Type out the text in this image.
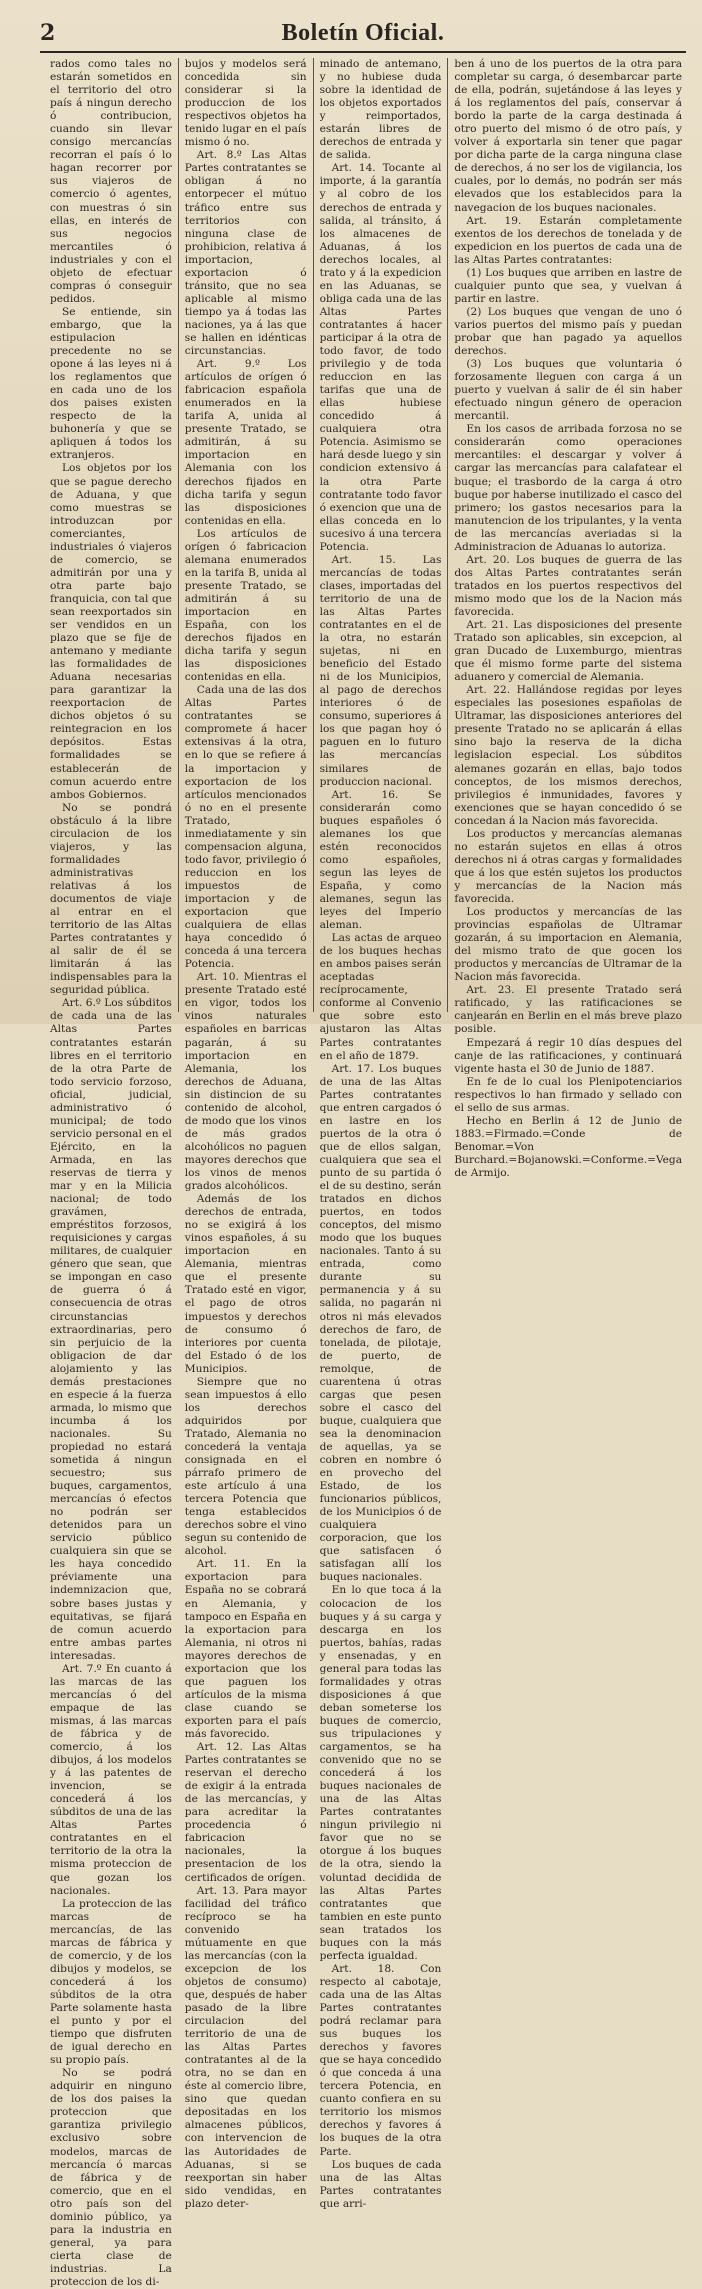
2	Boletín Oficial.

rados como tales no estarán sometidos en el territorio del otro país á ningun derecho ó contribucion, cuando sin llevar consigo mercancías recorran el país ó lo hagan recorrer por sus viajeros de comercio ó agentes, con muestras ó sin ellas, en interés de sus negocios mercantiles ó industriales y con el objeto de efectuar compras ó conseguir pedidos.

Se entiende, sin embargo, que la estipulacion precedente no se opone á las leyes ni á los reglamentos que en cada uno de los dos paises existen respecto de la buhonería y que se apliquen á todos los extranjeros.

Los objetos por los que se pague derecho de Aduana, y que como muestras se introduzcan por comerciantes, industriales ó viajeros de comercio, se admitirán por una y otra parte bajo franquicia, con tal que sean reexportados sin ser vendidos en un plazo que se fije de antemano y mediante las formalidades de Aduana necesarias para garantizar la reexportacion de dichos objetos ó su reintegracion en los depósitos. Estas formalidades se establecerán de comun acuerdo entre ambos Gobiernos.

No se pondrá obstáculo á la libre circulacion de los viajeros, y las formalidades administrativas relativas á los documentos de viaje al entrar en el territorio de las Altas Partes contratantes y al salir de él se limitarán á las indispensables para la seguridad pública.

Art. 6.º Los súbditos de cada una de las Altas Partes contratantes estarán libres en el territorio de la otra Parte de todo servicio forzoso, oficial, judicial, administrativo ó municipal; de todo servicio personal en el Ejército, en la Armada, en las reservas de tierra y mar y en la Milicia nacional; de todo gravámen, empréstitos forzosos, requisiciones y cargas militares, de cualquier género que sean, que se impongan en caso de guerra ó á consecuencia de otras circunstancias extraordinarias, pero sin perjuicio de la obligacion de dar alojamiento y las demás prestaciones en especie á la fuerza armada, lo mismo que incumba á los nacionales. Su propiedad no estará sometida á ningun secuestro; sus buques, cargamentos, mercancías ó efectos no podrán ser detenidos para un servicio público cualquiera sin que se les haya concedido préviamente una indemnizacion que, sobre bases justas y equitativas, se fijará de comun acuerdo entre ambas partes interesadas.

Art. 7.º En cuanto á las marcas de las mercancías ó del empaque de las mismas, á las marcas de fábrica y de comercio, á los dibujos, á los modelos y á las patentes de invencion, se concederá á los súbditos de una de las Altas Partes contratantes en el territorio de la otra la misma proteccion de que gozan los nacionales.

La proteccion de las marcas de mercancías, de las marcas de fábrica y de comercio, y de los dibujos y modelos, se concederá á los súbditos de la otra Parte solamente hasta el punto y por el tiempo que disfruten de igual derecho en su propio país.

No se podrá adquirir en ninguno de los dos paises la proteccion que garantiza privilegio exclusivo sobre modelos, marcas de mercancía ó marcas de fábrica y de comercio, que en el otro país son del dominio público, ya para la industria en general, ya para cierta clase de industrias. La proteccion de los di-

bujos y modelos será concedida sin considerar si la produccion de los respectivos objetos ha tenido lugar en el país mismo ó no.

Art. 8.º Las Altas Partes contratantes se obligan á no entorpecer el mútuo tráfico entre sus territorios con ninguna clase de prohibicion, relativa á importacion, exportacion ó tránsito, que no sea aplicable al mismo tiempo ya á todas las naciones, ya á las que se hallen en idénticas circunstancias.

Art. 9.º Los artículos de orígen ó fabricacion española enumerados en la tarifa A, unida al presente Tratado, se admitirán, á su importacion en Alemania con los derechos fijados en dicha tarifa y segun las disposiciones contenidas en ella.

Los artículos de orígen ó fabricacion alemana enumerados en la tarifa B, unida al presente Tratado, se admitirán á su importacion en España, con los derechos fijados en dicha tarifa y segun las disposiciones contenidas en ella.

Cada una de las dos Altas Partes contratantes se compromete á hacer extensivas á la otra, en lo que se refiere á la importacion y exportacion de los artículos mencionados ó no en el presente Tratado, inmediatamente y sin compensacion alguna, todo favor, privilegio ó reduccion en los impuestos de importacion y de exportacion que cualquiera de ellas haya concedido ó conceda á una tercera Potencia.

Art. 10. Mientras el presente Tratado esté en vigor, todos los vinos naturales españoles en barricas pagarán, á su importacion en Alemania, los derechos de Aduana, sin distincion de su contenido de alcohol, de modo que los vinos de más grados alcohólicos no paguen mayores derechos que los vinos de menos grados alcohólicos.

Además de los derechos de entrada, no se exigirá á los vinos españoles, á su importacion en Alemania, mientras que el presente Tratado esté en vigor, el pago de otros impuestos y derechos de consumo ó interiores por cuenta del Estado ó de los Municipios.

Siempre que no sean impuestos á ello los derechos adquiridos por Tratado, Alemania no concederá la ventaja consignada en el párrafo primero de este artículo á una tercera Potencia que tenga establecidos derechos sobre el vino segun su contenido de alcohol.

Art. 11. En la exportacion para España no se cobrará en Alemania, y tampoco en España en la exportacion para Alemania, ni otros ni mayores derechos de exportacion que los que paguen los artículos de la misma clase cuando se exporten para el país más favorecido.

Art. 12. Las Altas Partes contratantes se reservan el derecho de exigir á la entrada de las mercancías, y para acreditar la procedencia ó fabricacion nacionales, la presentacion de los certificados de orígen.

Art. 13. Para mayor facilidad del tráfico recíproco se ha convenido mútuamente en que las mercancías (con la excepcion de los objetos de consumo) que, después de haber pasado de la libre circulacion del territorio de una de las Altas Partes contratantes al de la otra, no se dan en éste al comercio libre, sino que quedan depositadas en los almacenes públicos, con intervencion de las Autoridades de Aduanas, si se reexportan sin haber sido vendidas, en plazo deter-

minado de antemano, y no hubiese duda sobre la identidad de los objetos exportados y reimportados, estarán libres de derechos de entrada y de salida.

Art. 14. Tocante al importe, á la garantía y al cobro de los derechos de entrada y salida, al tránsito, á los almacenes de Aduanas, á los derechos locales, al trato y á la expedicion en las Aduanas, se obliga cada una de las Altas Partes contratantes á hacer participar á la otra de todo favor, de todo privilegio y de toda reduccion en las tarifas que una de ellas hubiese concedido á cualquiera otra Potencia. Asimismo se hará desde luego y sin condicion extensivo á la otra Parte contratante todo favor ó exencion que una de ellas conceda en lo sucesivo á una tercera Potencia.

Art. 15. Las mercancías de todas clases, importadas del territorio de una de las Altas Partes contratantes en el de la otra, no estarán sujetas, ni en beneficio del Estado ni de los Municipios, al pago de derechos interiores ó de consumo, superiores á los que pagan hoy ó paguen en lo futuro las mercancías similares de produccion nacional.

Art. 16. Se considerarán como buques españoles ó alemanes los que estén reconocidos como españoles, segun las leyes de España, y como alemanes, segun las leyes del Imperio aleman.

Las actas de arqueo de los buques hechas en ambos paises serán aceptadas recíprocamente, conforme al Convenio que sobre esto ajustaron las Altas Partes contratantes en el año de 1879.

Art. 17. Los buques de una de las Altas Partes contratantes que entren cargados ó en lastre en los puertos de la otra ó que de ellos salgan, cualquiera que sea el punto de su partida ó el de su destino, serán tratados en dichos puertos, en todos conceptos, del mismo modo que los buques nacionales. Tanto á su entrada, como durante su permanencia y á su salida, no pagarán ni otros ni más elevados derechos de faro, de tonelada, de pilotaje, de puerto, de remolque, de cuarentena ú otras cargas que pesen sobre el casco del buque, cualquiera que sea la denominacion de aquellas, ya se cobren en nombre ó en provecho del Estado, de los funcionarios públicos, de los Municipios ó de cualquiera corporacion, que los que satisfacen ó satisfagan allí los buques nacionales.

En lo que toca á la colocacion de los buques y á su carga y descarga en los puertos, bahías, radas y ensenadas, y en general para todas las formalidades y otras disposiciones á que deban someterse los buques de comercio, sus tripulaciones y cargamentos, se ha convenido que no se concederá á los buques nacionales de una de las Altas Partes contratantes ningun privilegio ni favor que no se otorgue á los buques de la otra, siendo la voluntad decidida de las Altas Partes contratantes que tambien en este punto sean tratados los buques con la más perfecta igualdad.

Art. 18. Con respecto al cabotaje, cada una de las Altas Partes contratantes podrá reclamar para sus buques los derechos y favores que se haya concedido ó que conceda á una tercera Potencia, en cuanto confiera en su territorio los mismos derechos y favores á los buques de la otra Parte.

Los buques de cada una de las Altas Partes contratantes que arri-

ben á uno de los puertos de la otra para completar su carga, ó desembarcar parte de ella, podrán, sujetándose á las leyes y á los reglamentos del país, conservar á bordo la parte de la carga destinada á otro puerto del mismo ó de otro país, y volver á exportarla sin tener que pagar por dicha parte de la carga ninguna clase de derechos, á no ser los de vigilancia, los cuales, por lo demás, no podrán ser más elevados que los establecidos para la navegacion de los buques nacionales.

Art. 19. Estarán completamente exentos de los derechos de tonelada y de expedicion en los puertos de cada una de las Altas Partes contratantes:

(1) Los buques que arriben en lastre de cualquier punto que sea, y vuelvan á partir en lastre.

(2) Los buques que vengan de uno ó varios puertos del mismo país y puedan probar que han pagado ya aquellos derechos.

(3) Los buques que voluntaria ó forzosamente lleguen con carga á un puerto y vuelvan á salir de él sin haber efectuado ningun género de operacion mercantil.

En los casos de arribada forzosa no se considerarán como operaciones mercantiles: el descargar y volver á cargar las mercancías para calafatear el buque; el trasbordo de la carga á otro buque por haberse inutilizado el casco del primero; los gastos necesarios para la manutencion de los tripulantes, y la venta de las mercancías averiadas si la Administracion de Aduanas lo autoriza.

Art. 20. Los buques de guerra de las dos Altas Partes contratantes serán tratados en los puertos respectivos del mismo modo que los de la Nacion más favorecida.

Art. 21. Las disposiciones del presente Tratado son aplicables, sin excepcion, al gran Ducado de Luxemburgo, mientras que él mismo forme parte del sistema aduanero y comercial de Alemania.

Art. 22. Hallándose regidas por leyes especiales las posesiones españolas de Ultramar, las disposiciones anteriores del presente Tratado no se aplicarán á ellas sino bajo la reserva de la dicha legislacion especial. Los súbditos alemanes gozarán en ellas, bajo todos conceptos, de los mismos derechos, privilegios é inmunidades, favores y exenciones que se hayan concedido ó se concedan á la Nacion más favorecida.

Los productos y mercancías alemanas no estarán sujetos en ellas á otros derechos ni á otras cargas y formalidades que á los que estén sujetos los productos y mercancías de la Nacion más favorecida.

Los productos y mercancías de las provincias españolas de Ultramar gozarán, á su importacion en Alemania, del mismo trato de que gocen los productos y mercancías de Ultramar de la Nacion más favorecida.

Art. 23. El presente Tratado será ratificado, y las ratificaciones se canjearán en Berlin en el más breve plazo posible.

Empezará á regir 10 días despues del canje de las ratificaciones, y continuará vigente hasta el 30 de Junio de 1887.

En fe de lo cual los Plenipotenciarios respectivos lo han firmado y sellado con el sello de sus armas.

Hecho en Berlin á 12 de Junio de 1883.=Firmado.=Conde de Benomar.=Von Burchard.=Bojanowski.=Conforme.=Vega de Armijo.
